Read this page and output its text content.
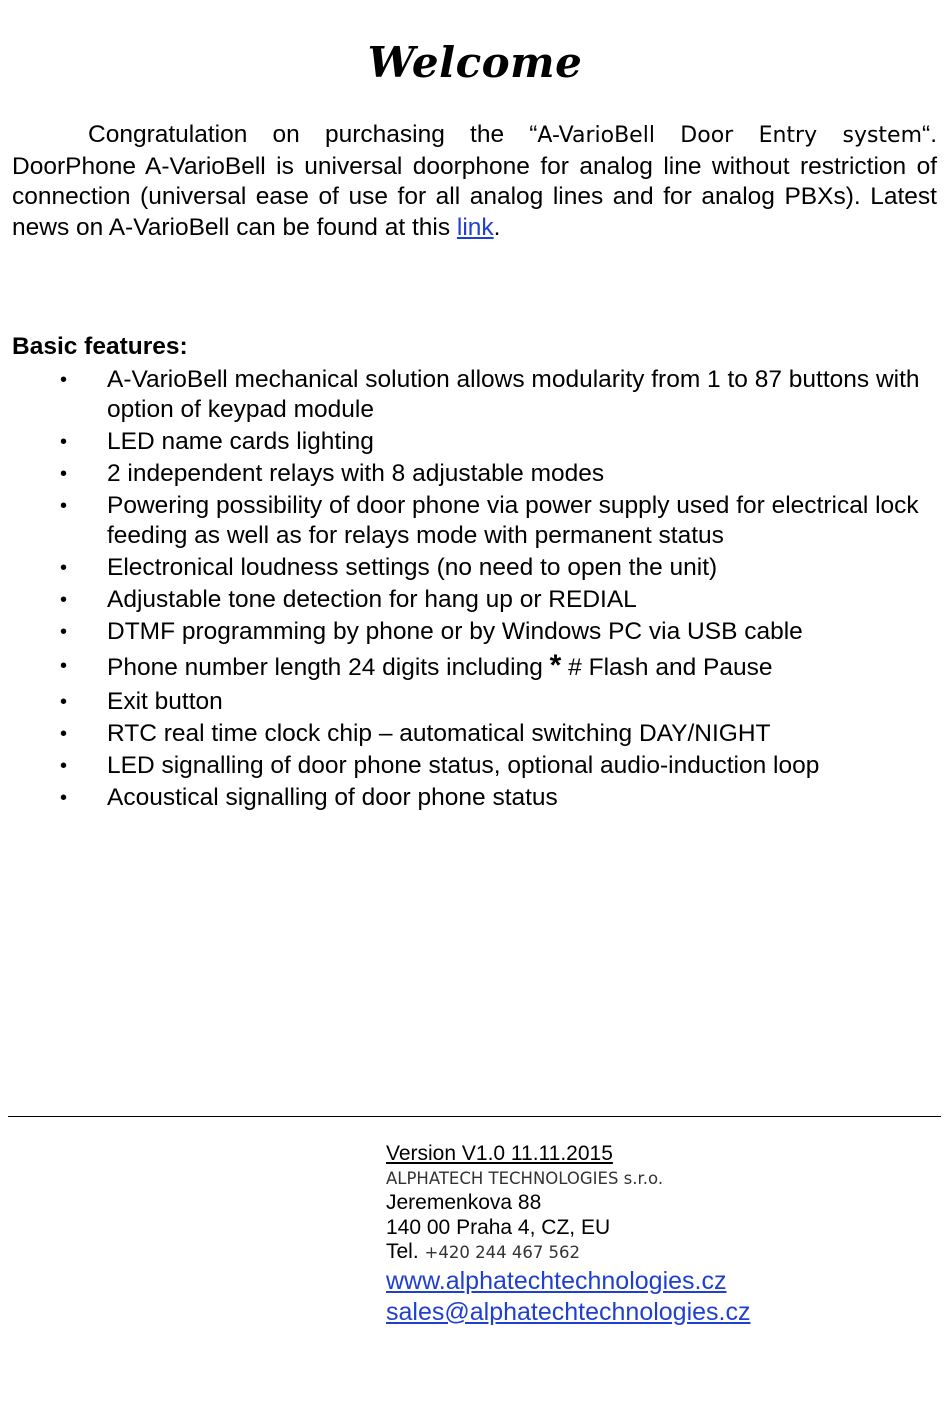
Welcome

Congratulation on purchasing the “A-VarioBell Door Entry system“. DoorPhone A-VarioBell is universal doorphone for analog line without restriction of connection (universal ease of use for all analog lines and for analog PBXs). Latest news on A-VarioBell can be found at this link.

Basic features:
• A-VarioBell mechanical solution allows modularity from 1 to 87 buttons with option of keypad module
• LED name cards lighting
• 2 independent relays with 8 adjustable modes
• Powering possibility of door phone via power supply used for electrical lock feeding as well as for relays mode with permanent status
• Electronical loudness settings (no need to open the unit)
• Adjustable tone detection for hang up or REDIAL
• DTMF programming by phone or by Windows PC via USB cable
• Phone number length 24 digits including * # Flash and Pause
• Exit button
• RTC real time clock chip – automatical switching DAY/NIGHT
• LED signalling of door phone status, optional audio-induction loop
• Acoustical signalling of door phone status
Version V1.0 11.11.2015
ALPHATECH TECHNOLOGIES s.r.o.
Jeremenkova 88
140 00 Praha 4, CZ, EU
Tel. +420 244 467 562
www.alphatechtechnologies.cz
sales@alphatechtechnologies.cz
